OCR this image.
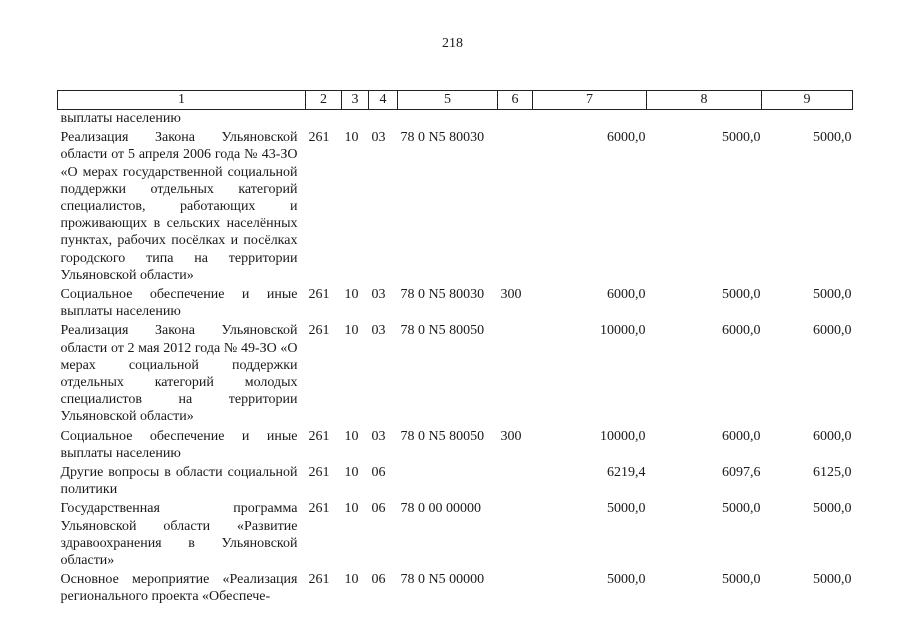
218
1	2	3	4	5	6	7	8	9
выплаты населению								
Реализация Закона Ульяновской области от 5 апреля 2006 года № 43-ЗО «О мерах государственной социальной поддержки отдельных категорий специалистов, работающих и проживающих в сельских населённых пунктах, рабочих посёлках и посёлках городского типа на территории Ульяновской области»	261	10	03	78 0 N5 80030		6000,0	5000,0	5000,0
Социальное обеспечение и иные выплаты населению	261	10	03	78 0 N5 80030	300	6000,0	5000,0	5000,0
Реализация Закона Ульяновской области от 2 мая 2012 года № 49-ЗО «О мерах социальной поддержки отдельных категорий молодых специалистов на территории Ульяновской области»	261	10	03	78 0 N5 80050		10000,0	6000,0	6000,0
Социальное обеспечение и иные выплаты населению	261	10	03	78 0 N5 80050	300	10000,0	6000,0	6000,0
Другие вопросы в области социальной политики	261	10	06			6219,4	6097,6	6125,0
Государственная программа Ульяновской области «Развитие здравоохранения в Ульяновской области»	261	10	06	78 0 00 00000		5000,0	5000,0	5000,0
Основное мероприятие «Реализация регионального проекта «Обеспече-	261	10	06	78 0 N5 00000		5000,0	5000,0	5000,0
